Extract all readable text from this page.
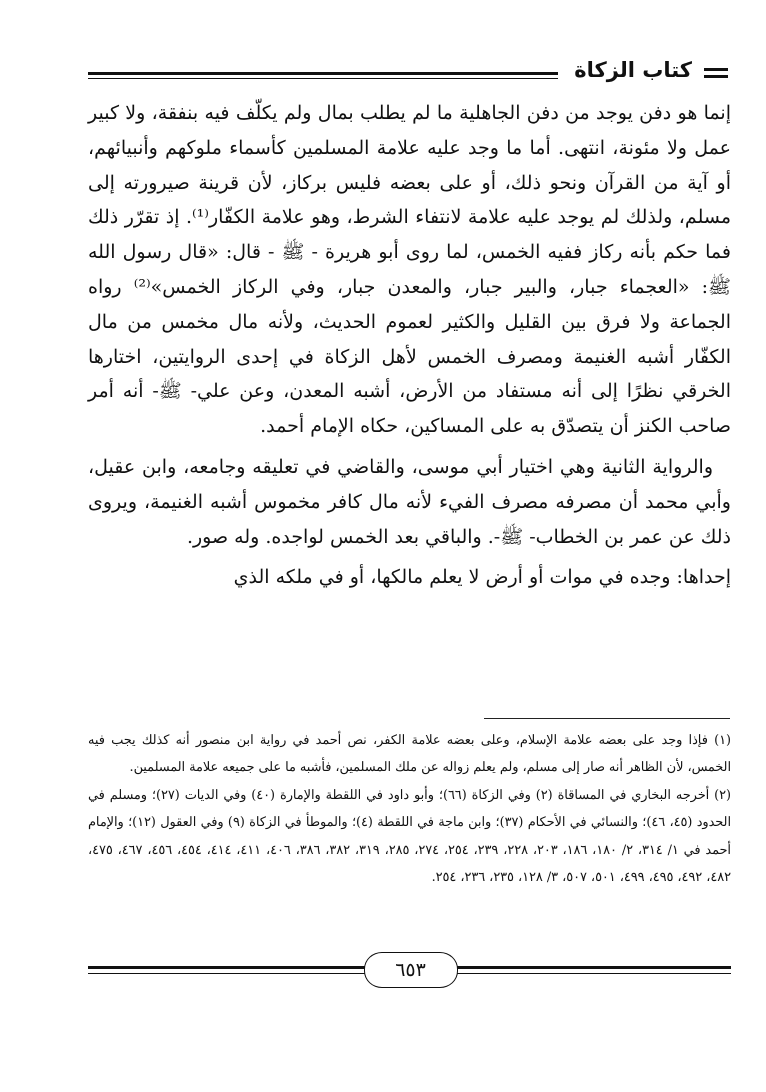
كتاب الزكاة

إنما هو دفن يوجد من دفن الجاهلية ما لم يطلب بمال ولم يكلّف فيه بنفقة، ولا كبير عمل ولا مئونة، انتهى. أما ما وجد عليه علامة المسلمين كأسماء ملوكهم وأنبيائهم، أو آية من القرآن ونحو ذلك، أو على بعضه فليس بركاز، لأن قرينة صيرورته إلى مسلم، ولذلك لم يوجد عليه علامة لانتفاء الشرط، وهو علامة الكفّار⁽¹⁾. إذ تقرّر ذلك فما حكم بأنه ركاز ففيه الخمس، لما روى أبو هريرة - ﷺ - قال: «قال رسول الله ﷺ: «العجماء جبار، والبير جبار، والمعدن جبار، وفي الركاز الخمس»⁽²⁾ رواه الجماعة ولا فرق بين القليل والكثير لعموم الحديث، ولأنه مال مخمس من مال الكفّار أشبه الغنيمة ومصرف الخمس لأهل الزكاة في إحدى الروايتين، اختارها الخرقي نظرًا إلى أنه مستفاد من الأرض، أشبه المعدن، وعن علي- ﷺ- أنه أمر صاحب الكنز أن يتصدّق به على المساكين، حكاه الإمام أحمد.

والرواية الثانية وهي اختيار أبي موسى، والقاضي في تعليقه وجامعه، وابن عقيل، وأبي محمد أن مصرفه مصرف الفيء لأنه مال كافر مخموس أشبه الغنيمة، ويروى ذلك عن عمر بن الخطاب- ﷺ-. والباقي بعد الخمس لواجده. وله صور.

إحداها: وجده في موات أو أرض لا يعلم مالكها، أو في ملكه الذي

(١) فإذا وجد على بعضه علامة الإسلام، وعلى بعضه علامة الكفر، نص أحمد في رواية ابن منصور أنه كذلك يجب فيه الخمس، لأن الظاهر أنه صار إلى مسلم، ولم يعلم زواله عن ملك المسلمين، فأشبه ما على جميعه علامة المسلمين.

(٢) أخرجه البخاري في المساقاة (٢) وفي الزكاة (٦٦)؛ وأبو داود في اللقطة والإمارة (٤٠) وفي الديات (٢٧)؛ ومسلم في الحدود (٤٥، ٤٦)؛ والنسائي في الأحكام (٣٧)؛ وابن ماجة في اللقطة (٤)؛ والموطأ في الزكاة (٩) وفي العقول (١٢)؛ والإمام أحمد في ١/ ٣١٤، ٢/ ١٨٠، ١٨٦، ٢٠٣، ٢٢٨، ٢٣٩، ٢٥٤، ٢٧٤، ٢٨٥، ٣١٩، ٣٨٢، ٣٨٦، ٤٠٦، ٤١١، ٤١٤، ٤٥٤، ٤٥٦، ٤٦٧، ٤٧٥، ٤٨٢، ٤٩٢، ٤٩٥، ٤٩٩، ٥٠١، ٥٠٧، ٣/ ١٢٨، ٢٣٥، ٢٣٦، ٢٥٤.

٦٥٣
